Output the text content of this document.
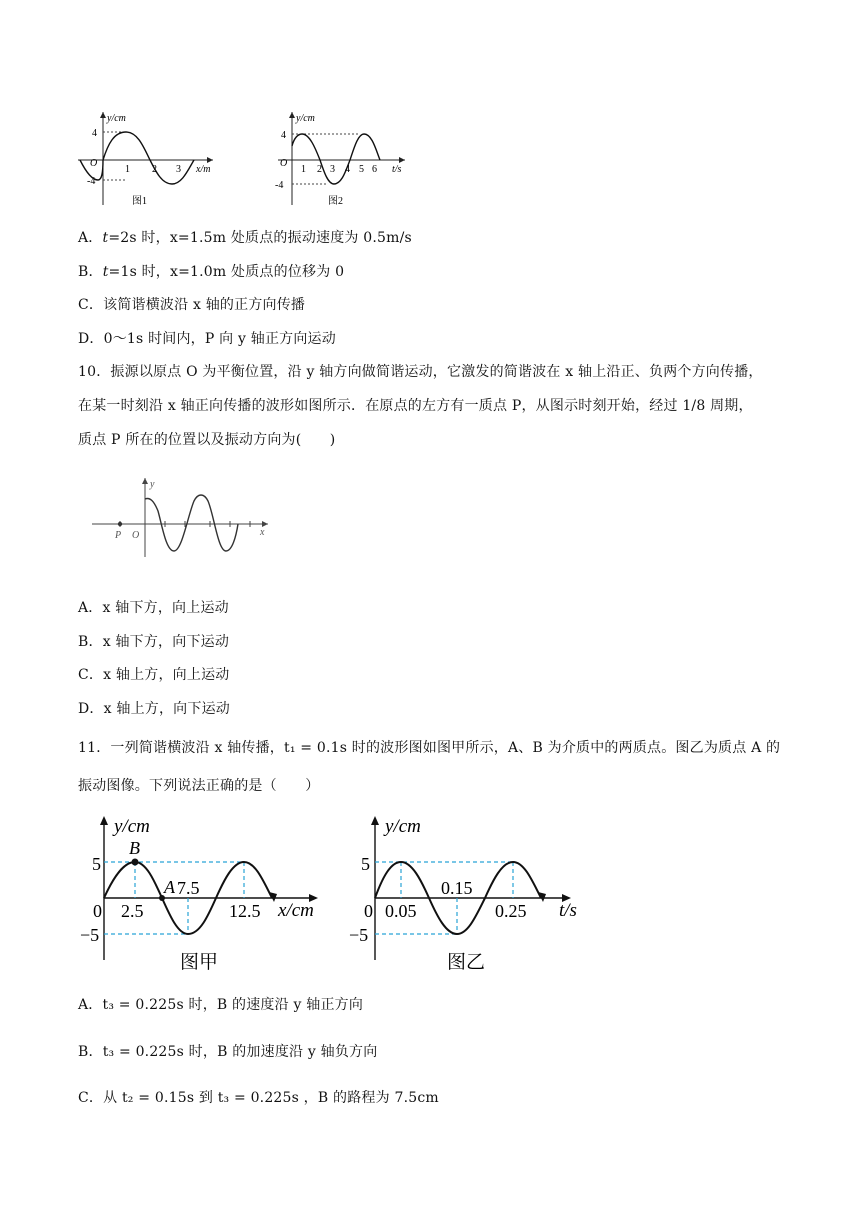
y/cm
4
-4
O
1 2 3 x/m
图1
y/cm
4
-4
O
1 2 3 4 5 6 t/s
图2
A．t=2s 时，x=1.5m 处质点的振动速度为 0.5m/s
B．t=1s 时，x=1.0m 处质点的位移为 0
C．该简谐横波沿 x 轴的正方向传播
D．0～1s 时间内，P 向 y 轴正方向运动
10．振源以原点 O 为平衡位置，沿 y 轴方向做简谐运动，它激发的简谐波在 x 轴上沿正、负两个方向传播，
在某一时刻沿 x 轴正向传播的波形如图所示．在原点的左方有一质点 P，从图示时刻开始，经过 1/8 周期，
质点 P 所在的位置以及振动方向为(　　)
y
x
O
P
A．x 轴下方，向上运动
B．x 轴下方，向下运动
C．x 轴上方，向上运动
D．x 轴上方，向下运动
11．一列简谐横波沿 x 轴传播，t₁ = 0.1s 时的波形图如图甲所示，A、B 为介质中的两质点。图乙为质点 A 的
振动图像。下列说法正确的是（　　）
y/cm
x/cm
5
−5
0
B
A
2.5
7.5
12.5
图甲
y/cm
t/s
5
−5
0 0.05
0.15
0.25
图乙
A．t₃ = 0.225s 时，B 的速度沿 y 轴正方向
B．t₃ = 0.225s 时，B 的加速度沿 y 轴负方向
C．从 t₂ = 0.15s 到 t₃ = 0.225s ，B 的路程为 7.5cm
